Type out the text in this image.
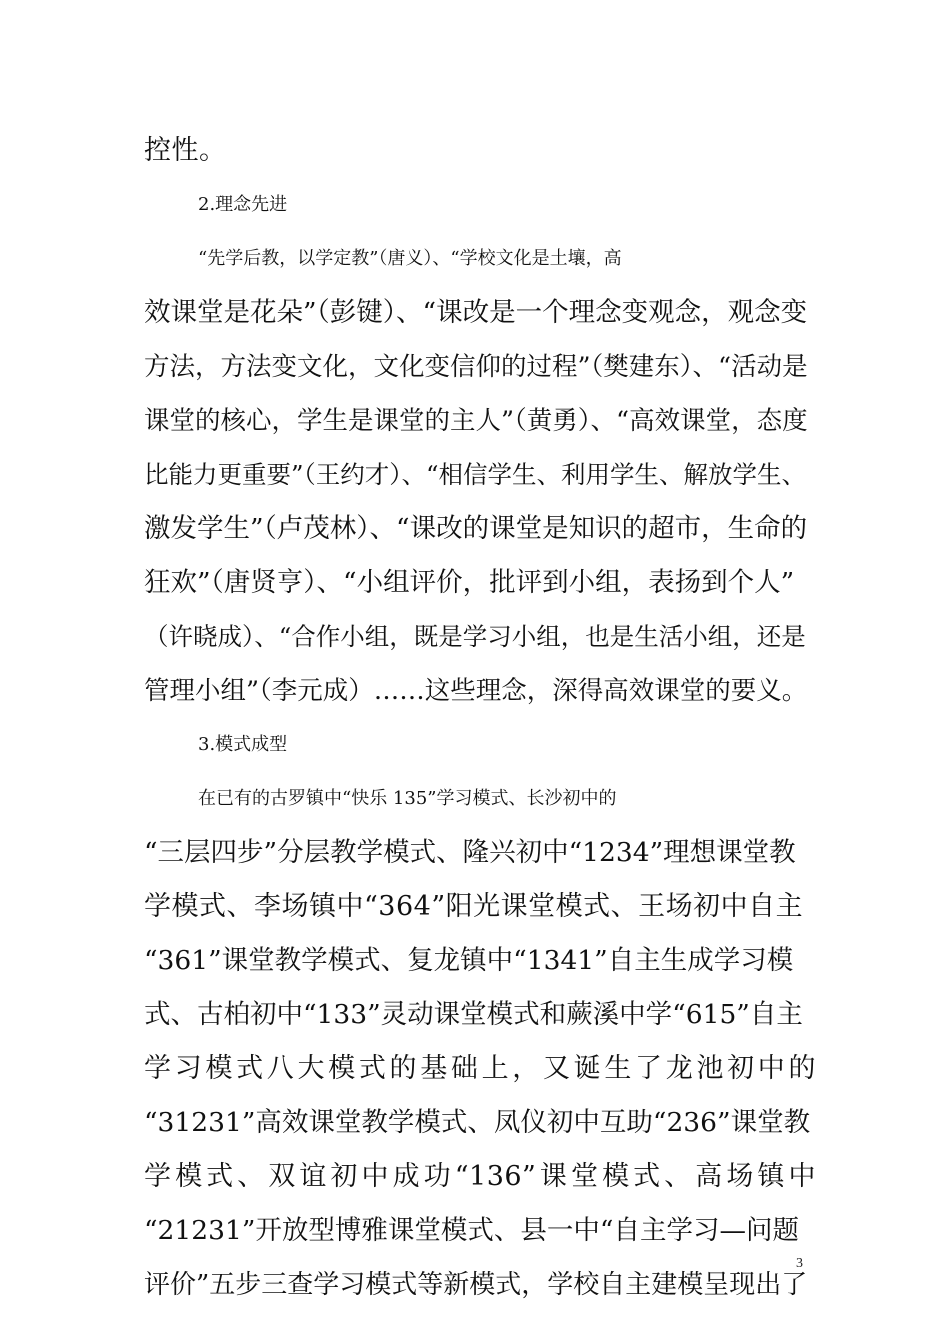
控性。
2.理念先进
“先学后教，以学定教”（唐义）、“学校文化是土壤，高
效课堂是花朵”（彭键）、“课改是一个理念变观念，观念变
方法，方法变文化，文化变信仰的过程”（樊建东）、“活动是
课堂的核心，学生是课堂的主人”（黄勇）、“高效课堂，态度
比能力更重要”（王约才）、“相信学生、利用学生、解放学生、
激发学生”（卢茂林）、“课改的课堂是知识的超市，生命的
狂欢”（唐贤亨）、“小组评价，批评到小组，表扬到个人”
（许晓成）、“合作小组，既是学习小组，也是生活小组，还是
管理小组”（李元成）……这些理念，深得高效课堂的要义。
3.模式成型
在已有的古罗镇中“快乐 135”学习模式、长沙初中的
“三层四步”分层教学模式、隆兴初中“1234”理想课堂教
学模式、李场镇中“364”阳光课堂模式、王场初中自主
“361”课堂教学模式、复龙镇中“1341”自主生成学习模
式、古柏初中“133”灵动课堂模式和蕨溪中学“615”自主
学习模式八大模式的基础上，又诞生了龙池初中的
“31231”高效课堂教学模式、凤仪初中互助“236”课堂教
学模式、双谊初中成功“136”课堂模式、高场镇中
“21231”开放型博雅课堂模式、县一中“自主学习—问题
评价”五步三查学习模式等新模式，学校自主建模呈现出了
3
